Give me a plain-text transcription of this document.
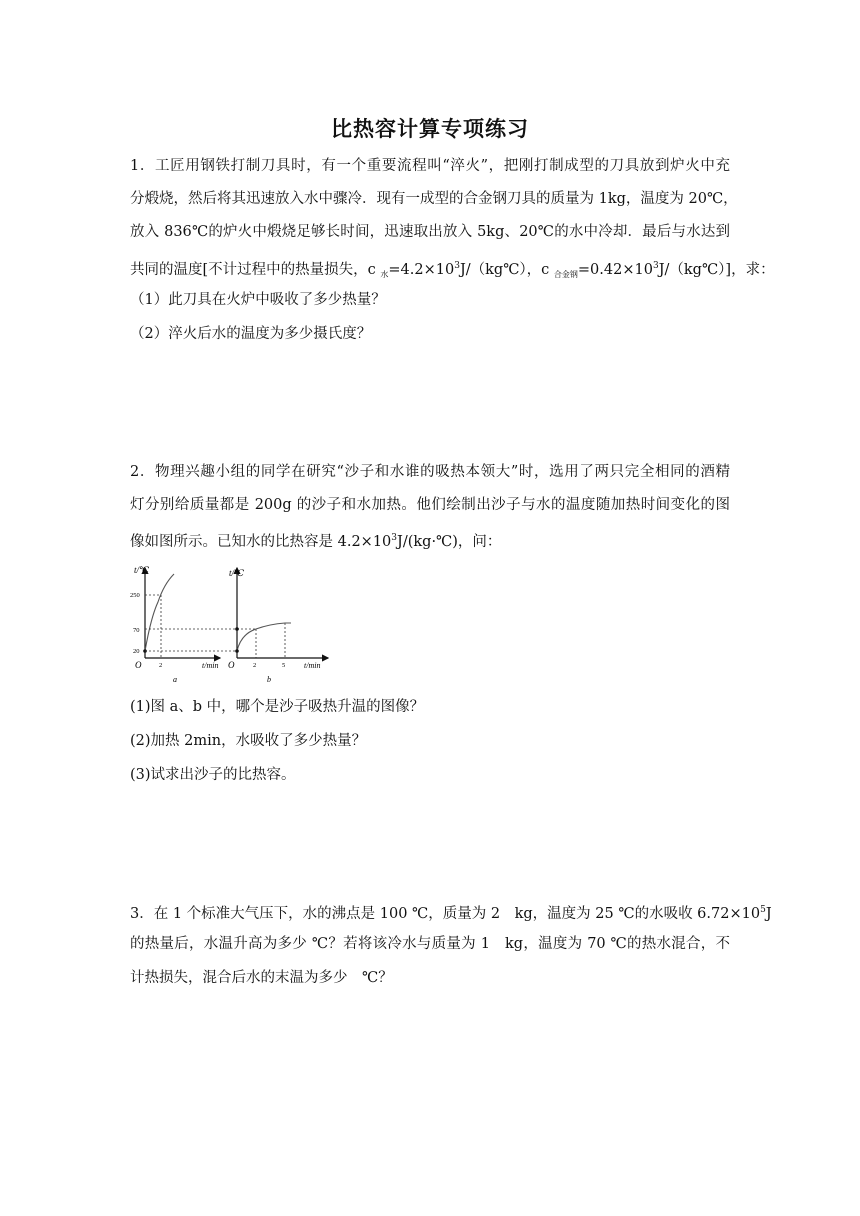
比热容计算专项练习
1．工匠用钢铁打制刀具时，有一个重要流程叫“淬火”，把刚打制成型的刀具放到炉火中充
分煅烧，然后将其迅速放入水中骤冷．现有一成型的合金钢刀具的质量为 1kg，温度为 20℃，
放入 836℃的炉火中煅烧足够长时间，迅速取出放入 5kg、20℃的水中冷却．最后与水达到
共同的温度[不计过程中的热量损失，c $_水=4.2\times 10^3J/(kg℃)$，c $_{合金钢}=0.42\times 10^3J/(kg℃)$]，求：
（1）此刀具在火炉中吸收了多少热量？
（2）淬火后水的温度为多少摄氏度？
2．物理兴趣小组的同学在研究“沙子和水谁的吸热本领大”时，选用了两只完全相同的酒精
灯分别给质量都是 200g 的沙子和水加热。他们绘制出沙子与水的温度随加热时间变化的图
像如图所示。已知水的比热容是 $4.2\times 10^3J/(kg\cdot℃)$，问：
t/℃
t/min
O
250
70
20
2
a
t/℃
t/min
O	2	5
b
(1)图 a、b 中，哪个是沙子吸热升温的图像？
(2)加热 2min，水吸收了多少热量？
(3)试求出沙子的比热容。
3．在 1 个标准大气压下，水的沸点是 100 ℃，质量为 2　kg，温度为 25 ℃的水吸收 $6.72\times 10^5J$
的热量后，水温升高为多少 ℃？若将该冷水与质量为 1　kg，温度为 70 ℃的热水混合，不
计热损失，混合后水的末温为多少　℃？
